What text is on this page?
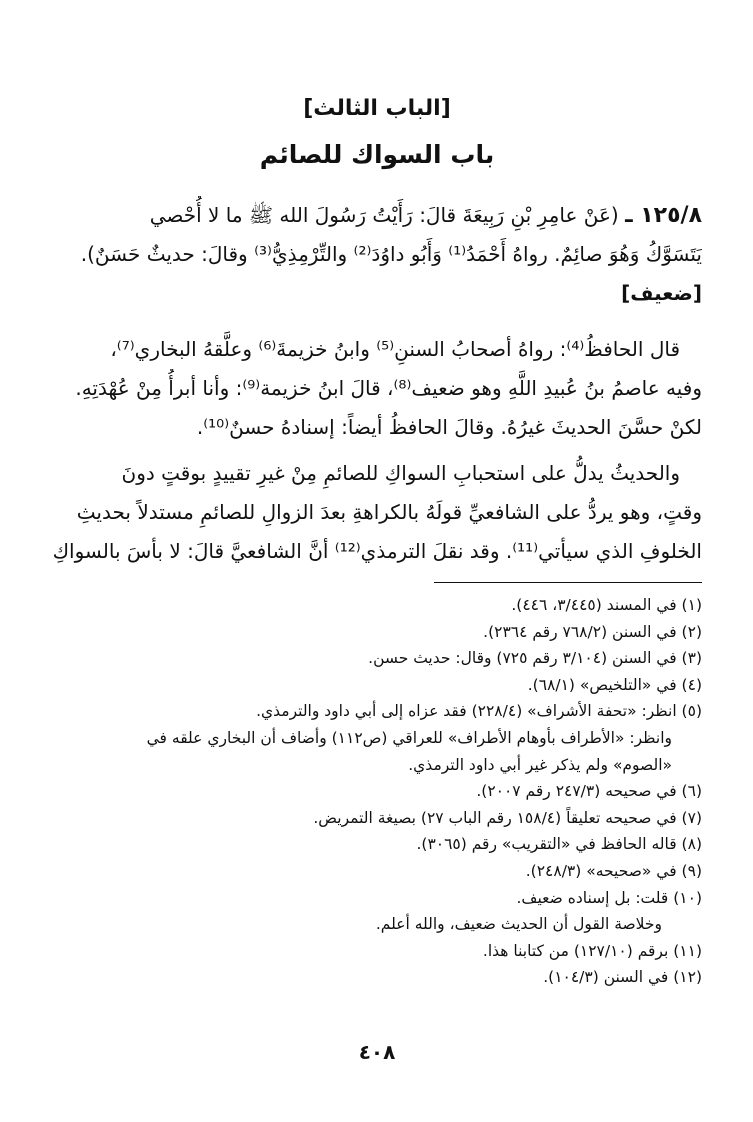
[الباب الثالث]
باب السواك للصائم
١٢٥/٨ ـ (عَنْ عامِرِ بْنِ رَبِيعَةَ قالَ: رَأَيْتُ رَسُولَ الله ﷺ ما لا أُحْصي
يَتَسَوَّكُ وَهُوَ صائِمٌ. رواهُ أَحْمَدُ⁽¹⁾ وَأَبُو داوُدَ⁽²⁾ والتِّرْمِذِيُّ⁽³⁾ وقالَ: حديثٌ حَسَنٌ).
[ضعيف]
قال الحافظُ⁽⁴⁾: رواهُ أصحابُ السننِ⁽⁵⁾ وابنُ خزيمةَ⁽⁶⁾ وعلَّقهُ البخاري⁽⁷⁾،
وفيه عاصمُ بنُ عُبيدِ اللَّهِ وهو ضعيف⁽⁸⁾، قالَ ابنُ خزيمة⁽⁹⁾: وأنا أبرأُ مِنْ عُهْدَتِهِ.
لكنْ حسَّنَ الحديثَ غيرُهُ. وقالَ الحافظُ أيضاً: إسنادهُ حسنٌ⁽¹⁰⁾.
والحديثُ يدلُّ على استحبابِ السواكِ للصائمِ مِنْ غيرِ تقييدٍ بوقتٍ دونَ
وقتٍ، وهو يردُّ على الشافعيِّ قولَهُ بالكراهةِ بعدَ الزوالِ للصائمِ مستدلاً بحديثِ
الخلوفِ الذي سيأتي⁽¹¹⁾. وقد نقلَ الترمذي⁽¹²⁾ أنَّ الشافعيَّ قالَ: لا بأسَ بالسواكِ
(١) في المسند (٣/٤٤٥، ٤٤٦).
(٢) في السنن (٧٦٨/٢ رقم ٢٣٦٤).
(٣) في السنن (٣/١٠٤ رقم ٧٢٥) وقال: حديث حسن.
(٤) في «التلخيص» (٦٨/١).
(٥) انظر: «تحفة الأشراف» (٢٢٨/٤) فقد عزاه إلى أبي داود والترمذي.
وانظر: «الأطراف بأوهام الأطراف» للعراقي (ص١١٢) وأضاف أن البخاري علقه في
«الصوم» ولم يذكر غير أبي داود الترمذي.
(٦) في صحيحه (٢٤٧/٣ رقم ٢٠٠٧).
(٧) في صحيحه تعليقاً (١٥٨/٤ رقم الباب ٢٧) بصيغة التمريض.
(٨) قاله الحافظ في «التقريب» رقم (٣٠٦٥).
(٩) في «صحيحه» (٢٤٨/٣).
(١٠) قلت: بل إسناده ضعيف.
وخلاصة القول أن الحديث ضعيف، والله أعلم.
(١١) برقم (١٢٧/١٠) من كتابنا هذا.
(١٢) في السنن (١٠٤/٣).
٤٠٨
